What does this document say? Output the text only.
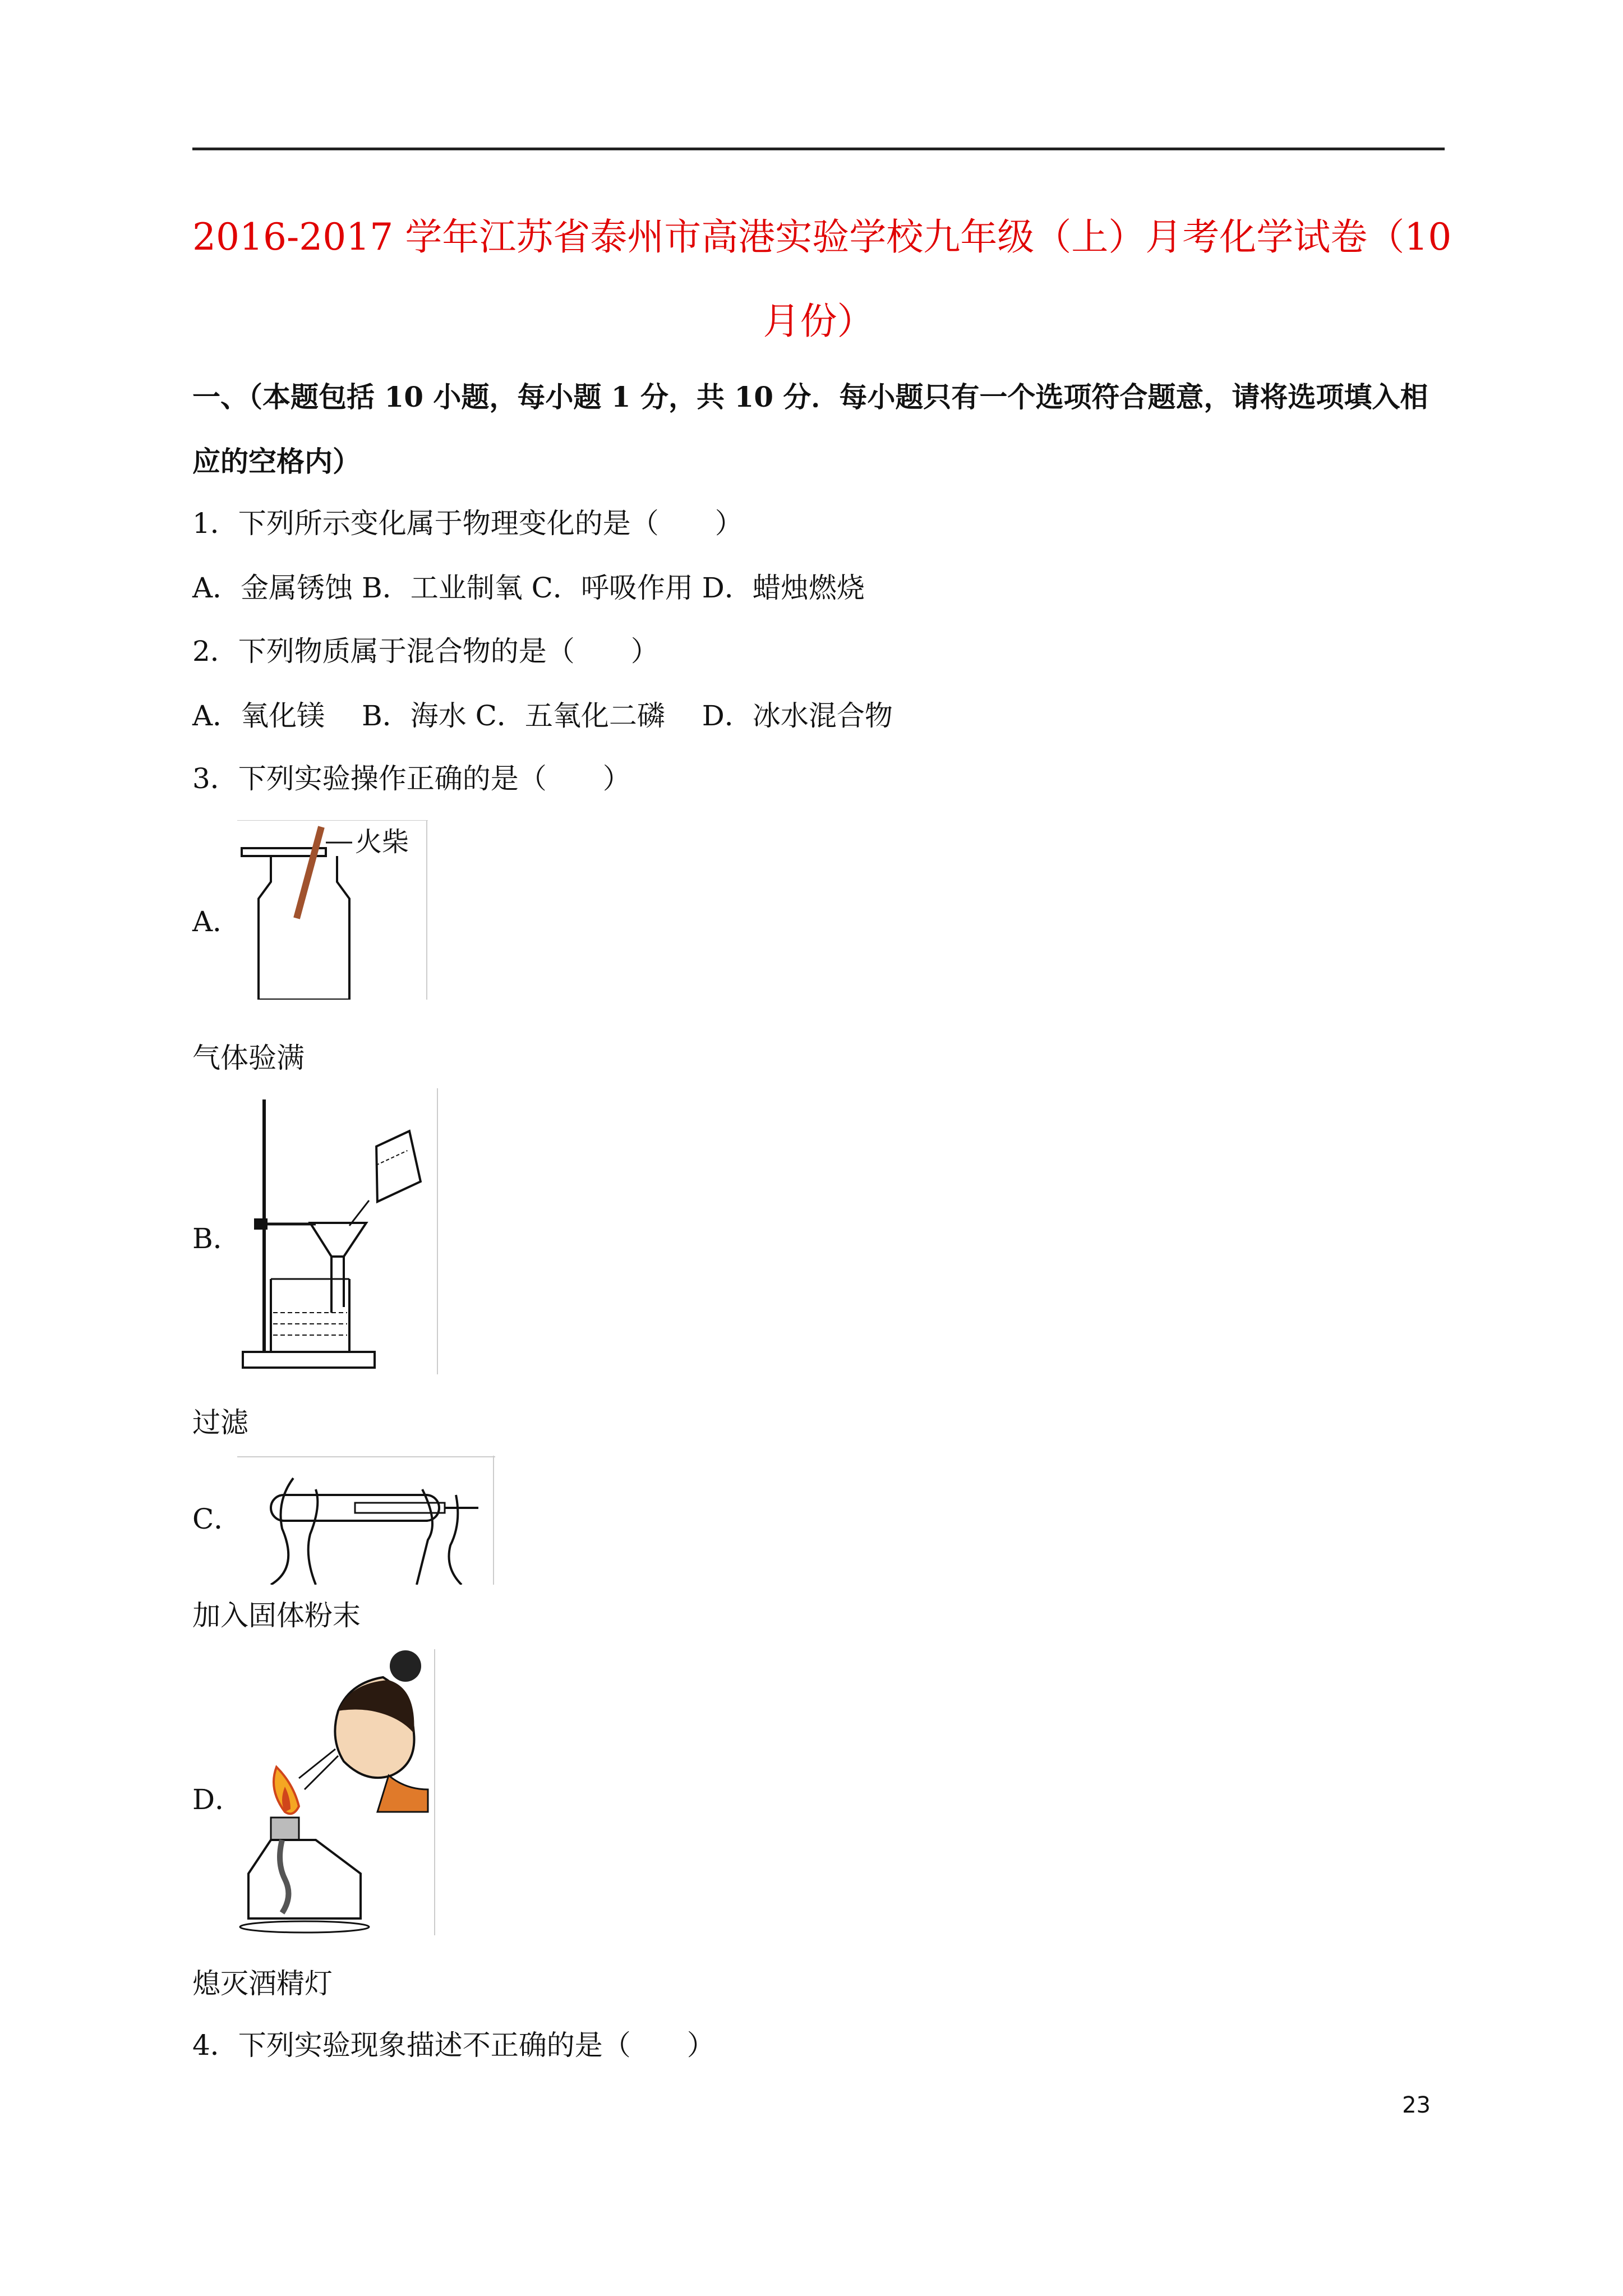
2016-2017 学年江苏省泰州市高港实验学校九年级（上）月考化学试卷（10
月份）
一、（本题包括 10 小题，每小题 1 分，共 10 分．每小题只有一个选项符合题意，请将选项填入相
应的空格内）
1．下列所示变化属于物理变化的是（　　）
A．金属锈蚀 B．工业制氧 C．呼吸作用 D．蜡烛燃烧
2．下列物质属于混合物的是（　　）
A．氧化镁　 B．海水 C．五氧化二磷　 D．冰水混合物
3．下列实验操作正确的是（　　）
A．
火柴
气体验满
B．
过滤
C．
加入固体粉末
D．
熄灭酒精灯
4．下列实验现象描述不正确的是（　　）
23
